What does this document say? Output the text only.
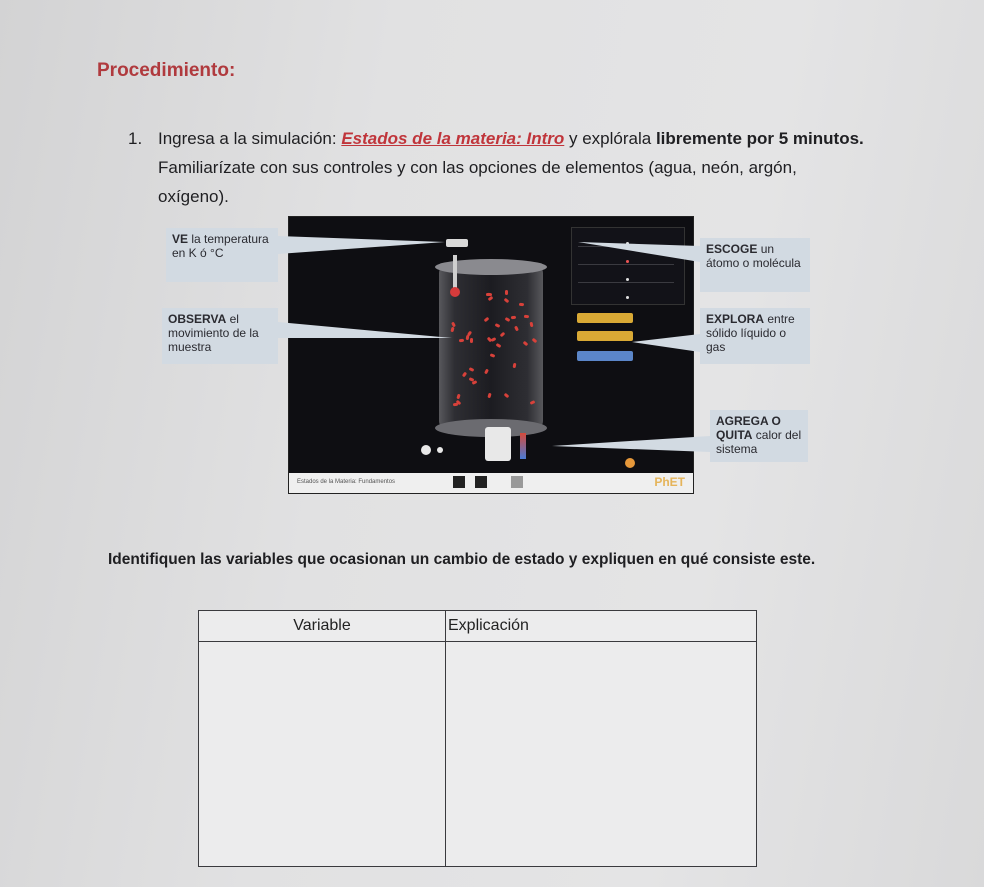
Procedimiento:
1. Ingresa a la simulación: Estados de la materia: Intro y explórala libremente por 5 minutos. Familiarízate con sus controles y con las opciones de elementos (agua, neón, argón, oxígeno).
VE la temperatura en K ó °C
OBSERVA el movimiento de la muestra
ESCOGE un átomo o molécula
EXPLORA entre sólido líquido o gas
AGREGA O QUITA calor del sistema
Estados de la Materia: Fundamentos	PhET
Identifiquen las variables que ocasionan un cambio de estado y expliquen en qué consiste este.
Variable	Explicación
